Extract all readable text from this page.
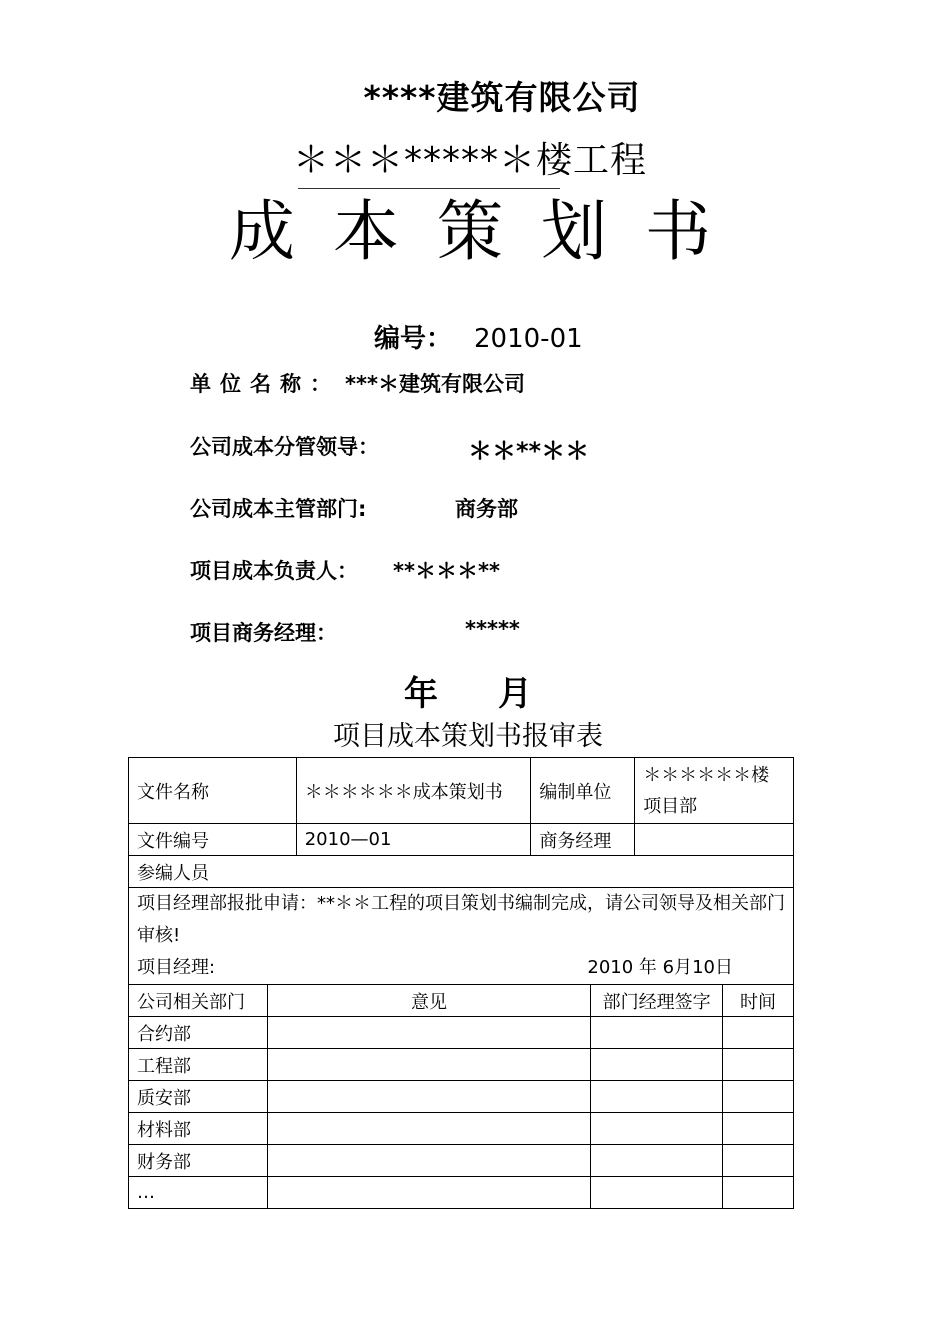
****建筑有限公司
＊＊＊*****＊楼工程
成本策划书
编号： 2010-01
单位名称： ***＊建筑有限公司
公司成本分管领导：	＊＊**＊＊
公司成本主管部门:	商务部
项目成本负责人： **＊＊＊**
项目商务经理：	*****
年 月
项目成本策划书报审表
文件名称		＊＊＊＊＊＊成本策划书	编制单位		＊＊＊＊＊＊楼项目部	
文件编号		2010—01	商务经理			
参编人员						

项目经理部报批申请：**＊＊工程的项目策划书编制完成，请公司领导及相关部门审核!
项目经理: 2010 年 6月10日						

公司相关部门	意见			部门经理签字		时间
合约部						
工程部						
质安部						
材料部						
财务部						
…						
